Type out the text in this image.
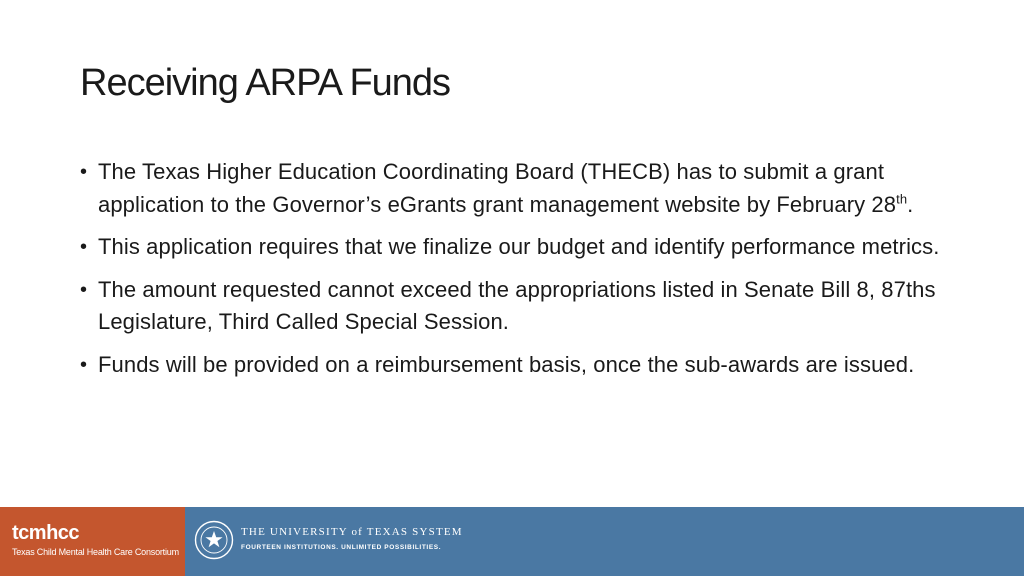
Receiving ARPA Funds
• The Texas Higher Education Coordinating Board (THECB) has to submit a grant application to the Governor’s eGrants grant management website by February 28th.
• This application requires that we finalize our budget and identify performance metrics.
• The amount requested cannot exceed the appropriations listed in Senate Bill 8, 87ths Legislature, Third Called Special Session.
• Funds will be provided on a reimbursement basis, once the sub-awards are issued.
tcmhcc
Texas Child Mental Health Care Consortium
THE UNIVERSITY of TEXAS SYSTEM
FOURTEEN INSTITUTIONS. UNLIMITED POSSIBILITIES.
